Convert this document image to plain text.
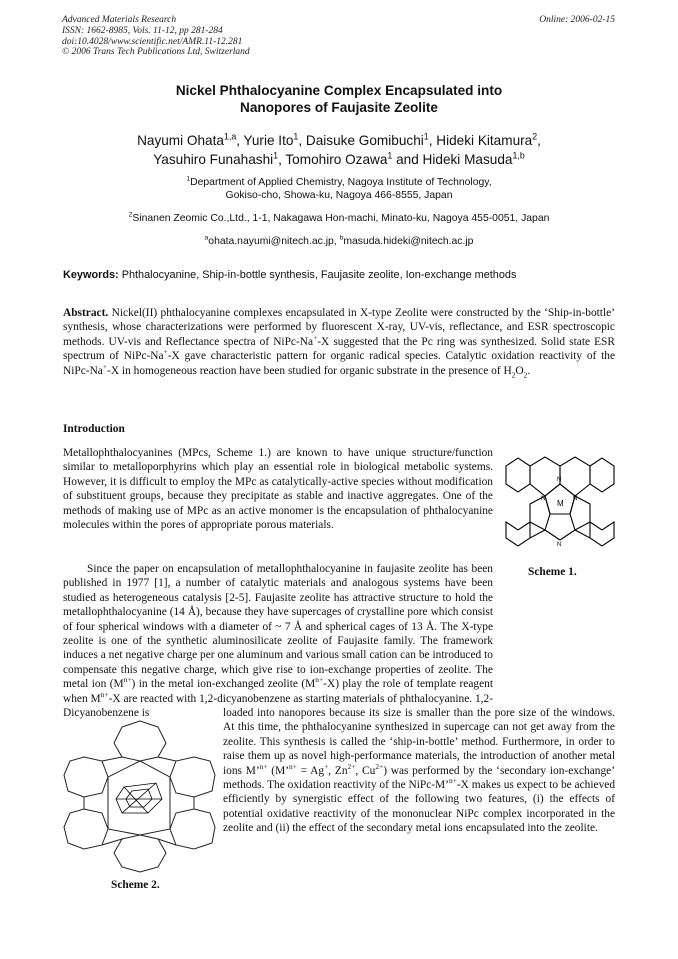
Advanced Materials Research
ISSN: 1662-8985, Vols. 11-12, pp 281-284
doi:10.4028/www.scientific.net/AMR.11-12.281
© 2006 Trans Tech Publications Ltd, Switzerland
Online: 2006-02-15
Nickel Phthalocyanine Complex Encapsulated into
Nanopores of Faujasite Zeolite
Nayumi Ohata$^{1,a}$, Yurie Ito$^1$, Daisuke Gomibuchi$^1$, Hideki Kitamura$^2$,
Yasuhiro Funahashi$^1$, Tomohiro Ozawa$^1$ and Hideki Masuda$^{1,b}$
$^1$Department of Applied Chemistry, Nagoya Institute of Technology,
Gokiso-cho, Showa-ku, Nagoya 466-8555, Japan
$^2$Sinanen Zeomic Co.,Ltd., 1-1, Nakagawa Hon-machi, Minato-ku, Nagoya 455-0051, Japan
$^a$ohata.nayumi@nitech.ac.jp, $^b$masuda.hideki@nitech.ac.jp
Keywords: Phthalocyanine, Ship-in-bottle synthesis, Faujasite zeolite, Ion-exchange methods
Abstract. Nickel(II) phthalocyanine complexes encapsulated in X-type Zeolite were constructed by the ‘Ship-in-bottle’ synthesis, whose characterizations were performed by fluorescent X-ray, UV-vis, reflectance, and ESR spectroscopic methods. UV-vis and Reflectance spectra of NiPc-Na+-X suggested that the Pc ring was synthesized. Solid state ESR spectrum of NiPc-Na+-X gave characteristic pattern for organic radical species. Catalytic oxidation reactivity of the NiPc-Na+-X in homogeneous reaction have been studied for organic substrate in the presence of $H_2O_2$.
Introduction

Metallophthalocyanines (MPcs, Scheme 1.) are known to have unique structure/function similar to metalloporphyrins which play an essential role in biological metabolic systems. However, it is difficult to employ the MPc as catalytically-active species without modification of substituent groups, because they precipitate as stable and inactive aggregates. One of the methods of making use of MPc as an active monomer is the encapsulation of phthalocyanine molecules within the pores of appropriate porous materials.

Since the paper on encapsulation of metallophthalocyanine in faujasite zeolite has been published in 1977 [1], a number of catalytic materials and analogous systems have been studied as heterogeneous catalysis [2-5]. Faujasite zeolite has attractive structure to hold the metallophthalocyanine (14 Å), because they have supercages of crystalline pore which consist of four spherical windows with a diameter of ~ 7 Å and spherical cages of 13 Å. The X-type zeolite is one of the synthetic aluminosilicate zeolite of Faujasite family. The framework induces a net negative charge per one aluminum and various small cation can be introduced to compensate this negative charge, which give rise to ion-exchange properties of zeolite. The metal ion $(M^{n+})$ in the metal ion-exchanged zeolite $(M^{n+}-X)$ play the role of template reagent when $M^{n+}-X$ are reacted with 1,2-dicyanobenzene as starting materials of phthalocyanine. 1,2-Dicyanobenzene is	loaded into nanopores because its size is smaller than the pore size of the windows. At this time, the phthalocyanine synthesized in supercage can not get away from the zeolite. This synthesis is called the ‘ship-in-bottle’ method. Furthermore, in order to raise them up as novel high-performance materials, the introduction of another metal ions M’$^{n+}$ (M’$^{n+}$ = Ag+, $Zn^{2+}$, $Cu^{2+}$) was performed by the ‘secondary ion-exchange’ methods. The oxidation reactivity of the NiPc-M’$^{n+}$-X makes us expect to be achieved efficiently by synergistic effect of the following two features, (i) the effects of potential oxidative reactivity of the mononuclear NiPc complex incorporated in the zeolite and (ii) the effect of the secondary metal ions encapsulated into the zeolite.

M
N
N	N
N
Scheme 1.
Scheme 2.
